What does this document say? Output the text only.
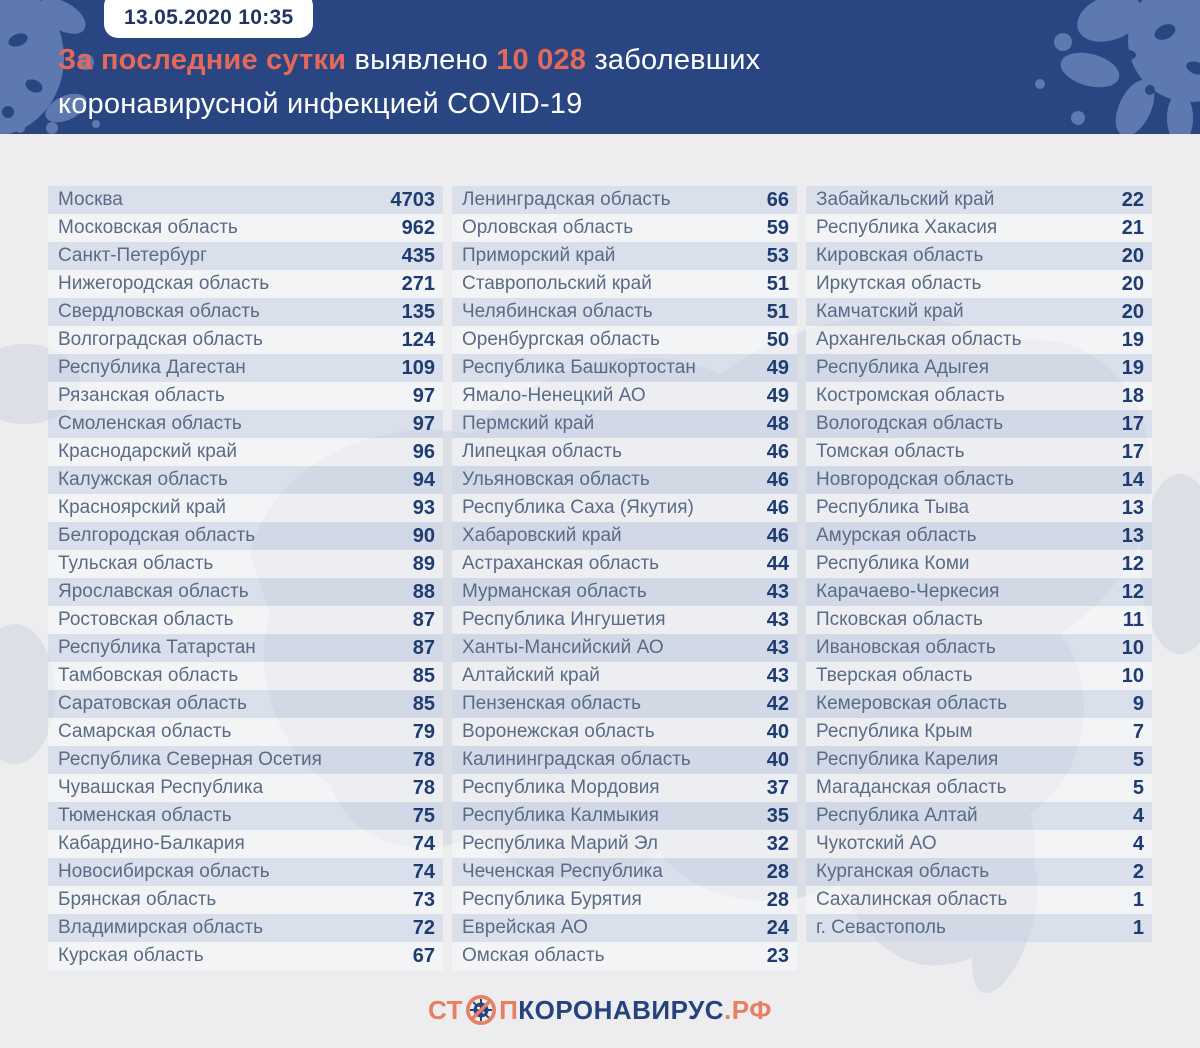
13.05.2020 10:35
За последние сутки выявлено 10 028 заболевших
коронавирусной инфекцией COVID-19
Москва	4703
Московская область	962
Санкт-Петербург	435
Нижегородская область	271
Свердловская область	135
Волгоградская область	124
Республика Дагестан	109
Рязанская область	97
Смоленская область	97
Краснодарский край	96
Калужская область	94
Красноярский край	93
Белгородская область	90
Тульская область	89
Ярославская область	88
Ростовская область	87
Республика Татарстан	87
Тамбовская область	85
Саратовская область	85
Самарская область	79
Республика Северная Осетия	78
Чувашская Республика	78
Тюменская область	75
Кабардино-Балкария	74
Новосибирская область	74
Брянская область	73
Владимирская область	72
Курская область	67
Ленинградская область	66
Орловская область	59
Приморский край	53
Ставропольский край	51
Челябинская область	51
Оренбургская область	50
Республика Башкортостан	49
Ямало-Ненецкий АО	49
Пермский край	48
Липецкая область	46
Ульяновская область	46
Республика Саха (Якутия)	46
Хабаровский край	46
Астраханская область	44
Мурманская область	43
Республика Ингушетия	43
Ханты-Мансийский АО	43
Алтайский край	43
Пензенская область	42
Воронежская область	40
Калининградская область	40
Республика Мордовия	37
Республика Калмыкия	35
Республика Марий Эл	32
Чеченская Республика	28
Республика Бурятия	28
Еврейская АО	24
Омская область	23
Забайкальский край	22
Республика Хакасия	21
Кировская область	20
Иркутская область	20
Камчатский край	20
Архангельская область	19
Республика Адыгея	19
Костромская область	18
Вологодская область	17
Томская область	17
Новгородская область	14
Республика Тыва	13
Амурская область	13
Республика Коми	12
Карачаево-Черкесия	12
Псковская область	11
Ивановская область	10
Тверская область	10
Кемеровская область	9
Республика Крым	7
Республика Карелия	5
Магаданская область	5
Республика Алтай	4
Чукотский АО	4
Курганская область	2
Сахалинская область	1
г. Севастополь	1
СТ П КОРОНАВИРУС .РФ
